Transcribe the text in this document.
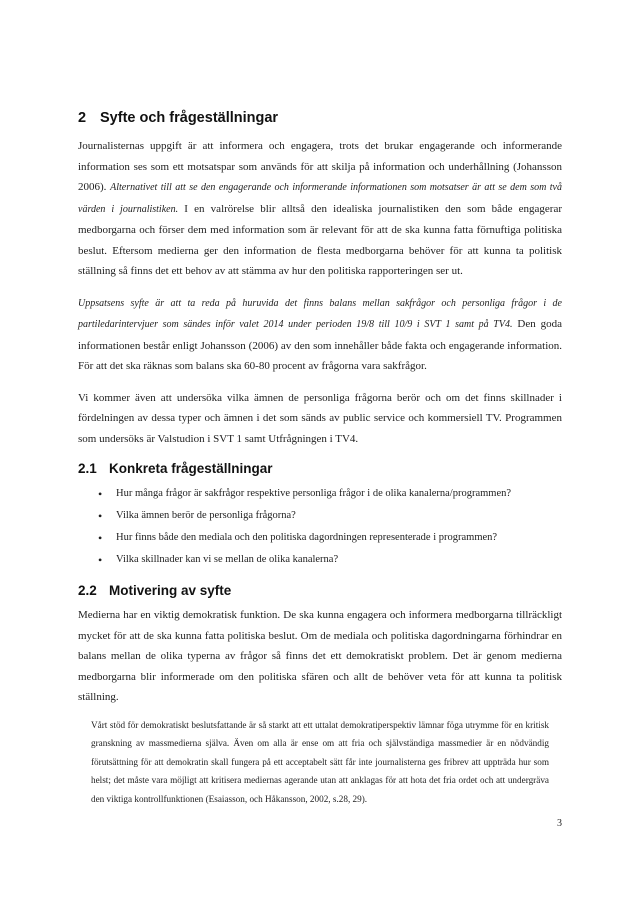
2 Syfte och frågeställningar

Journalisternas uppgift är att informera och engagera, trots det brukar engagerande och informerande information ses som ett motsatspar som används för att skilja på information och underhållning (Johansson 2006). Alternativet till att se den engagerande och informerande informationen som motsatser är att se dem som två värden i journalistiken. I en valrörelse blir alltså den idealiska journalistiken den som både engagerar medborgarna och förser dem med information som är relevant för att de ska kunna fatta förnuftiga politiska beslut. Eftersom medierna ger den information de flesta medborgarna behöver för att kunna ta politisk ställning så finns det ett behov av att stämma av hur den politiska rapporteringen ser ut.

Uppsatsens syfte är att ta reda på huruvida det finns balans mellan sakfrågor och personliga frågor i de partiledarintervjuer som sändes inför valet 2014 under perioden 19/8 till 10/9 i SVT 1 samt på TV4. Den goda informationen består enligt Johansson (2006) av den som innehåller både fakta och engagerande information. För att det ska räknas som balans ska 60-80 procent av frågorna vara sakfrågor.

Vi kommer även att undersöka vilka ämnen de personliga frågorna berör och om det finns skillnader i fördelningen av dessa typer och ämnen i det som sänds av public service och kommersiell TV. Programmen som undersöks är Valstudion i SVT 1 samt Utfrågningen i TV4.

2.1 Konkreta frågeställningar
• Hur många frågor är sakfrågor respektive personliga frågor i de olika kanalerna/programmen?
• Vilka ämnen berör de personliga frågorna?
• Hur finns både den mediala och den politiska dagordningen representerade i programmen?
• Vilka skillnader kan vi se mellan de olika kanalerna?
2.2 Motivering av syfte

Medierna har en viktig demokratisk funktion. De ska kunna engagera och informera medborgarna tillräckligt mycket för att de ska kunna fatta politiska beslut. Om de mediala och politiska dagordningarna förhindrar en balans mellan de olika typerna av frågor så finns det ett demokratiskt problem. Det är genom medierna medborgarna blir informerade om den politiska sfären och allt de behöver veta för att kunna ta politisk ställning.

Vårt stöd för demokratiskt beslutsfattande är så starkt att ett uttalat demokratiperspektiv lämnar föga utrymme för en kritisk granskning av massmedierna själva. Även om alla är ense om att fria och självständiga massmedier är en nödvändig förutsättning för att demokratin skall fungera på ett acceptabelt sätt får inte journalisterna ges fribrev att uppträda hur som helst; det måste vara möjligt att kritisera mediernas agerande utan att anklagas för att hota det fria ordet och att undergräva den viktiga kontrollfunktionen (Esaiasson, och Håkansson, 2002, s.28, 29).
3
